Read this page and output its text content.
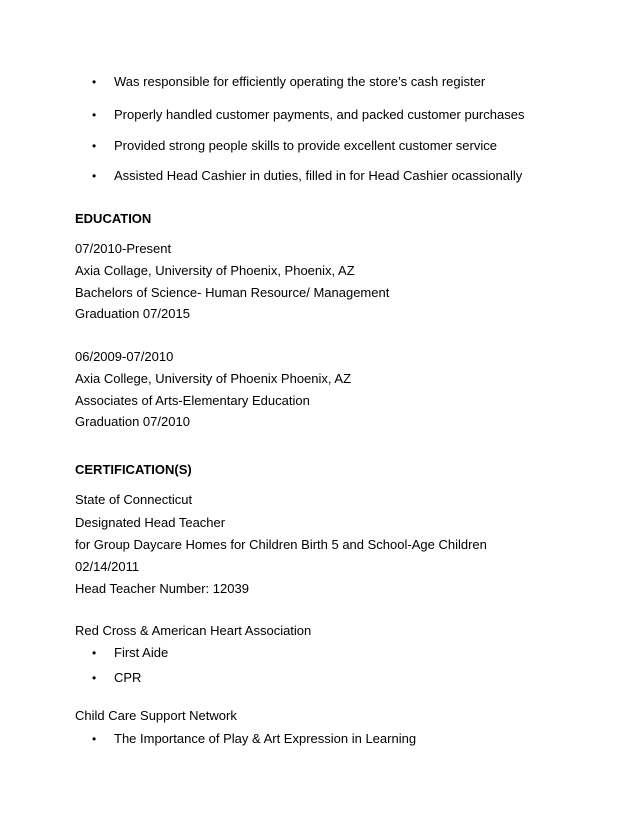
• Was responsible for efficiently operating the store’s cash register
• Properly handled customer payments, and packed customer purchases
• Provided strong people skills to provide excellent customer service
• Assisted Head Cashier in duties, filled in for Head Cashier ocassionally
EDUCATION
07/2010-Present
Axia Collage, University of Phoenix, Phoenix, AZ
Bachelors of Science- Human Resource/ Management
Graduation 07/2015
06/2009-07/2010
Axia College, University of Phoenix Phoenix, AZ
Associates of Arts-Elementary Education
Graduation 07/2010
CERTIFICATION(S)
State of Connecticut
Designated Head Teacher
for Group Daycare Homes for Children Birth 5 and School-Age Children
02/14/2011
Head Teacher Number: 12039
Red Cross & American Heart Association
• First Aide
• CPR
Child Care Support Network
• The Importance of Play & Art Expression in Learning
